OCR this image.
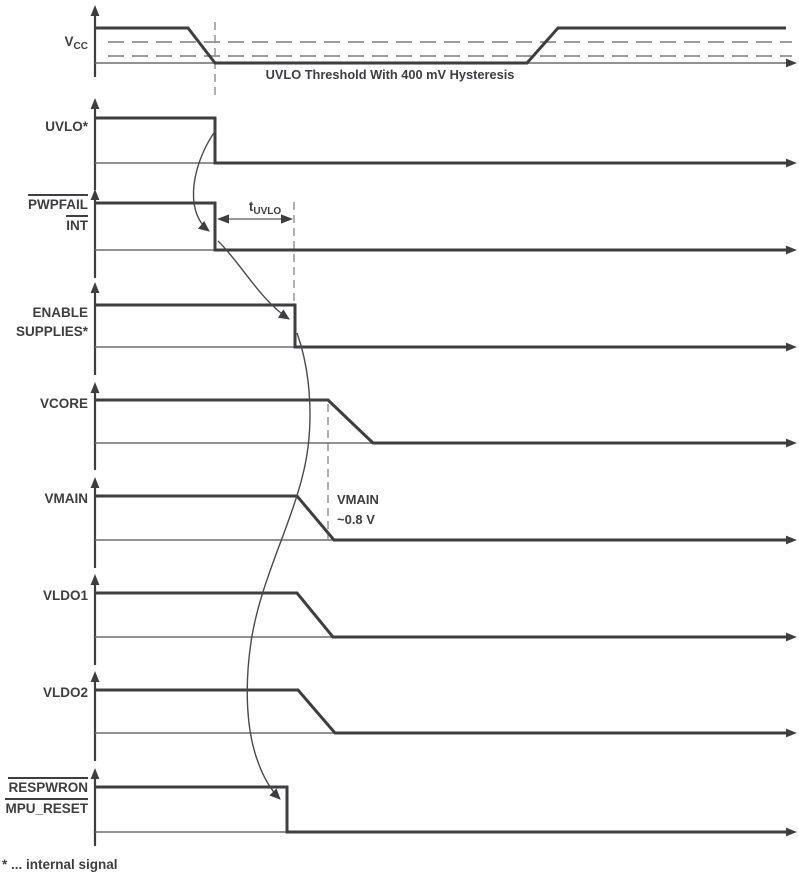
$V_{CC}$
UVLO Threshold With 400 mV Hysteresis
UVLO*
PWPFAIL
INT
$t_{UVLO}$
ENABLE
SUPPLIES*
VCORE
VMAIN	VMAIN
~0.8 V
VLDO1
VLDO2
RESPWRON
MPU_RESET
* ... internal signal
